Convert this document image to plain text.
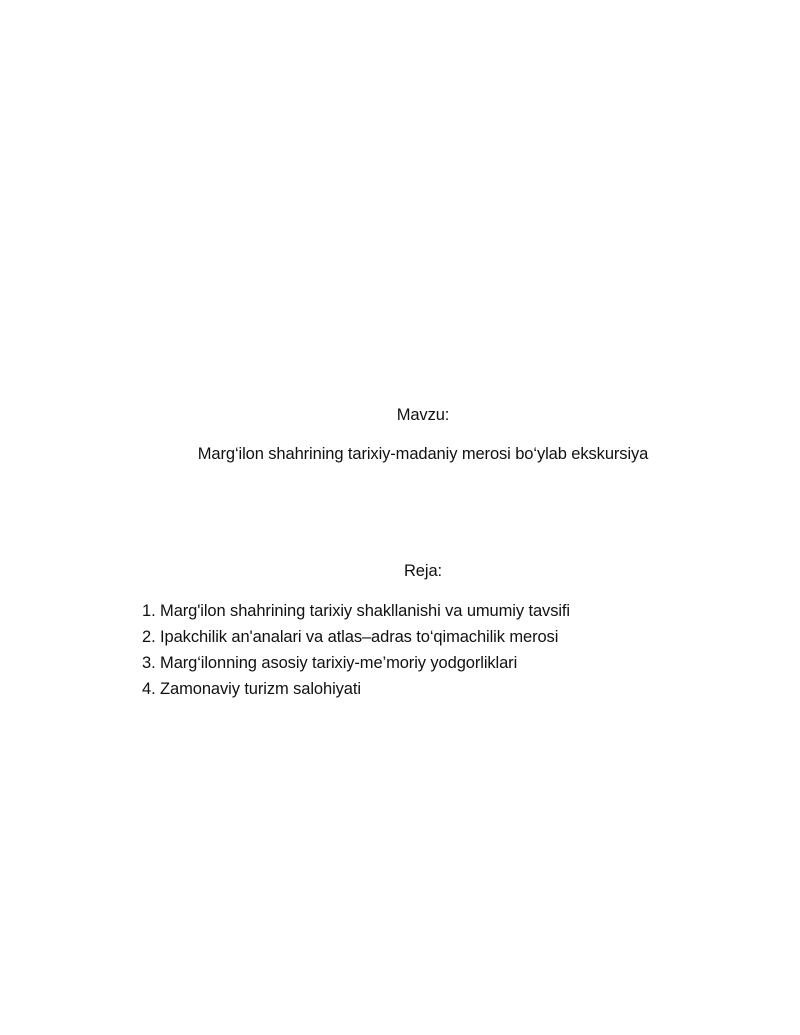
Mavzu:
Marg‘ilon shahrining tarixiy-madaniy merosi bo‘ylab ekskursiya
Reja:
1. Marg'ilon shahrining tarixiy shakllanishi va umumiy tavsifi
2. Ipakchilik an'analari va atlas–adras to‘qimachilik merosi
3. Marg‘ilonning asosiy tarixiy-me’moriy yodgorliklari
4. Zamonaviy turizm salohiyati
